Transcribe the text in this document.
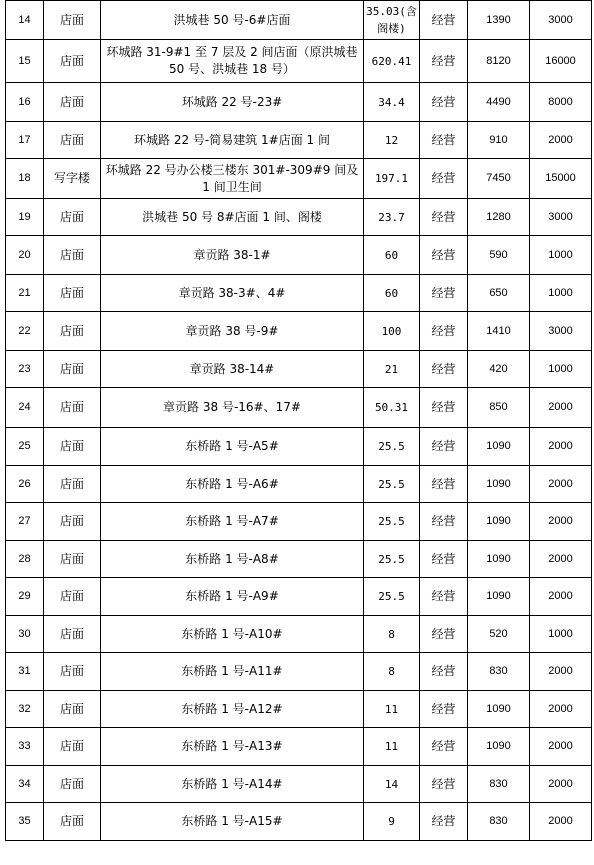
14	店面	洪城巷 50 号-6#店面	35.03(含阁楼)	经营	1390	3000
15	店面	环城路 31-9#1 至 7 层及 2 间店面（原洪城巷 50 号、洪城巷 18 号）	620.41	经营	8120	16000
16	店面	环城路 22 号-23#	34.4	经营	4490	8000
17	店面	环城路 22 号-简易建筑 1#店面 1 间	12	经营	910	2000
18	写字楼	环城路 22 号办公楼三楼东 301#-309#9 间及 1 间卫生间	197.1	经营	7450	15000
19	店面	洪城巷 50 号 8#店面 1 间、阁楼	23.7	经营	1280	3000
20	店面	章贡路 38-1#	60	经营	590	1000
21	店面	章贡路 38-3#、4#	60	经营	650	1000
22	店面	章贡路 38 号-9#	100	经营	1410	3000
23	店面	章贡路 38-14#	21	经营	420	1000
24	店面	章贡路 38 号-16#、17#	50.31	经营	850	2000
25	店面	东桥路 1 号-A5#	25.5	经营	1090	2000
26	店面	东桥路 1 号-A6#	25.5	经营	1090	2000
27	店面	东桥路 1 号-A7#	25.5	经营	1090	2000
28	店面	东桥路 1 号-A8#	25.5	经营	1090	2000
29	店面	东桥路 1 号-A9#	25.5	经营	1090	2000
30	店面	东桥路 1 号-A10#	8	经营	520	1000
31	店面	东桥路 1 号-A11#	8	经营	830	2000
32	店面	东桥路 1 号-A12#	11	经营	1090	2000
33	店面	东桥路 1 号-A13#	11	经营	1090	2000
34	店面	东桥路 1 号-A14#	14	经营	830	2000
35	店面	东桥路 1 号-A15#	9	经营	830	2000
